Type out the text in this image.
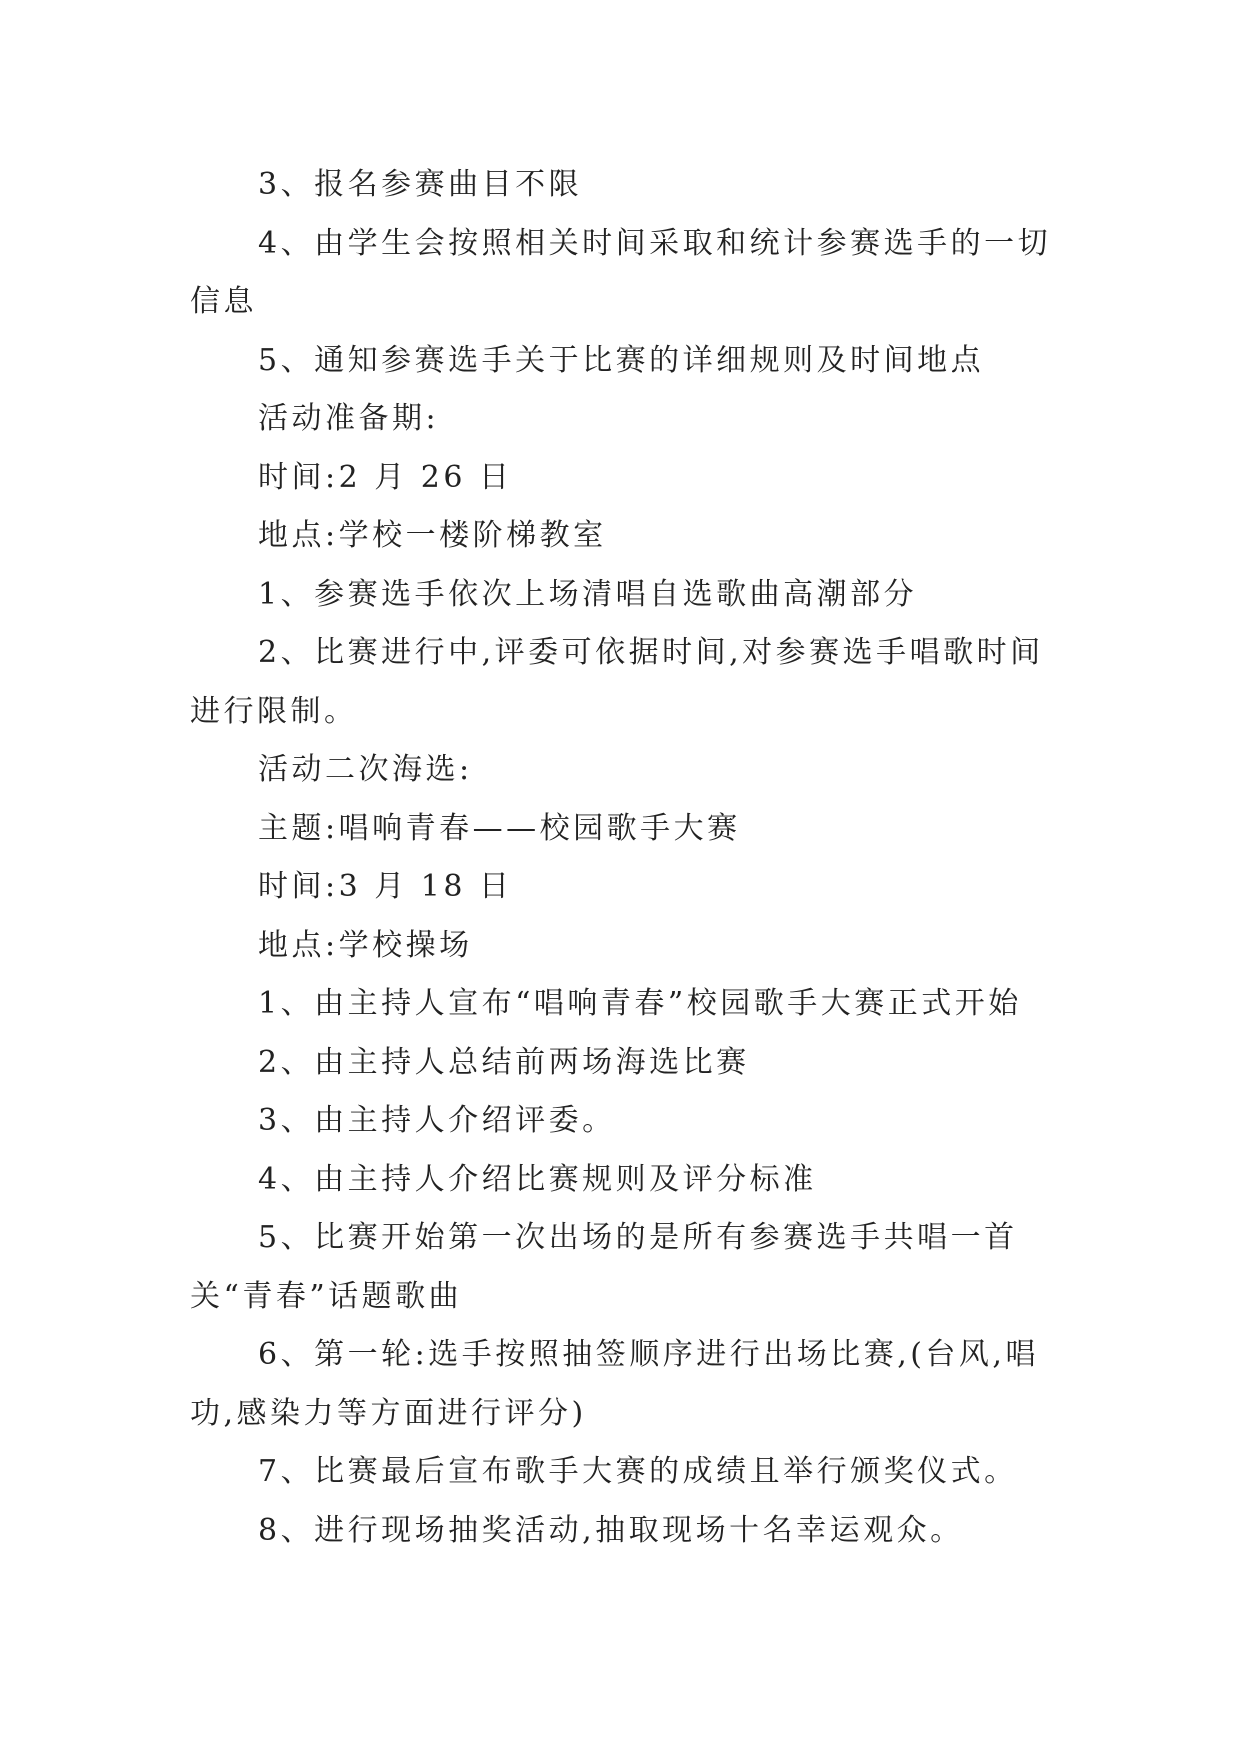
3、报名参赛曲目不限

4、由学生会按照相关时间采取和统计参赛选手的一切信息

5、通知参赛选手关于比赛的详细规则及时间地点

活动准备期:

时间:2 月 26 日

地点:学校一楼阶梯教室

1、参赛选手依次上场清唱自选歌曲高潮部分

2、比赛进行中,评委可依据时间,对参赛选手唱歌时间进行限制。

活动二次海选:

主题:唱响青春——校园歌手大赛

时间:3 月 18 日

地点:学校操场

1、由主持人宣布“唱响青春”校园歌手大赛正式开始

2、由主持人总结前两场海选比赛

3、由主持人介绍评委。

4、由主持人介绍比赛规则及评分标准

5、比赛开始第一次出场的是所有参赛选手共唱一首关“青春”话题歌曲

6、第一轮:选手按照抽签顺序进行出场比赛,(台风,唱功,感染力等方面进行评分)

7、比赛最后宣布歌手大赛的成绩且举行颁奖仪式。

8、进行现场抽奖活动,抽取现场十名幸运观众。
